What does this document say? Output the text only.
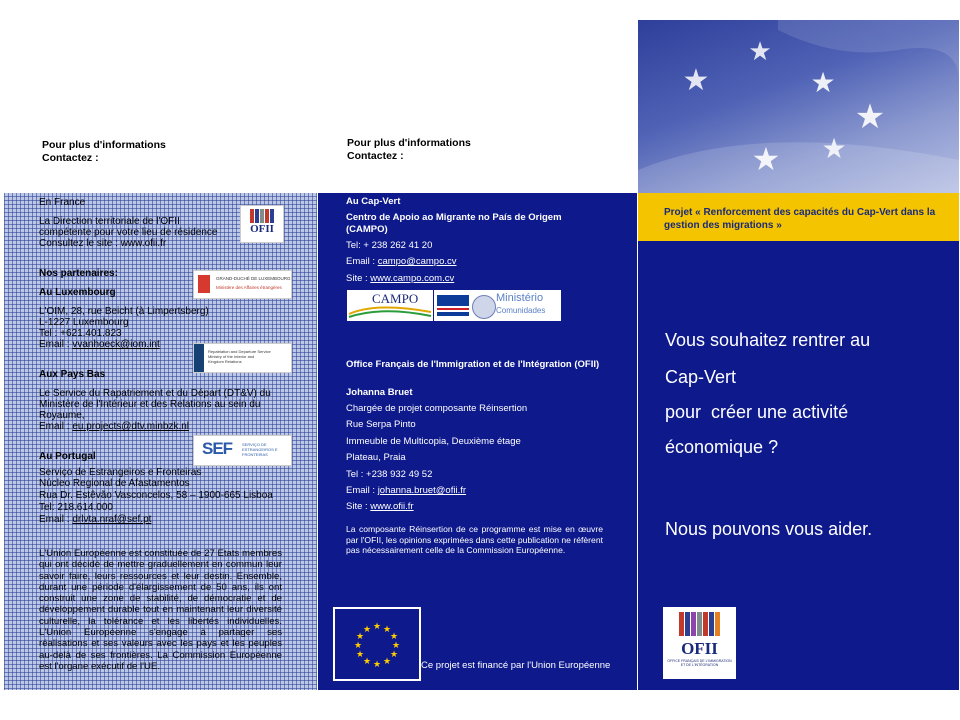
Pour plus d'informations
Contactez :
En France
La Direction territoriale de l'OFII
compétente pour votre lieu de résidence
Consultez le site : www.ofii.fr
OFII
Nos partenaires:
Au Luxembourg
L'OIM, 28, rue Beicht (à Limpertsberg)
L-1227 Luxembourg
Tel : +621.401.823
Email : vvanhoeck@iom.int
GRAND-DUCHÉ DE LUXEMBOURG
Ministère des Affaires étrangères
Repatriation and Departure Service
Ministry of the Interior and
Kingdom Relations
Aux Pays Bas
Le Service du Rapatriement et du Départ (DT&V) du
Ministère de l'Intérieur et des Relations au sein du
Royaume,
Email : eu.projects@dtv.minbzk.nl
SEF SERVIÇO DE ESTRANGEIROS E FRONTEIRAS
Au Portugal
Serviço de Estrangeiros e Fronteiras
Núcleo Regional de Afastamentos
Rua Dr. Estêvão Vasconcelos, 58 – 1900-665 Lisboa
Tel: 218.614.000
Email : drlvta.nraf@sef.pt
L'Union Européenne est constituée de 27 Etats membres qui ont décidé de mettre graduellement en commun leur savoir faire, leurs ressources et leur destin. Ensemble, durant une période d'élargissement de 50 ans, ils ont construit une zone de stabilité, de démocratie et de développement durable tout en maintenant leur diversité culturelle, la tolérance et les libertés individuelles. L'Union Européenne s'engage à partager ses réalisations et ses valeurs avec les pays et les peuples au-delà de ses frontières. La Commission Européenne est l'organe exécutif de l'UE.
Pour plus d'informations
Contactez :
Au Cap-Vert
Centro de Apoio ao Migrante no País de Origem (CAMPO)
Tel: + 238 262 41 20
Email : campo@campo.cv
Site : www.campo.com.cv
CAMPO	Ministério
Comunidades
Office Français de l'Immigration et de l'Intégration (OFII)
Johanna Bruet
Chargée de projet composante Réinsertion
Rue Serpa Pinto
Immeuble de Multicopia, Deuxième étage
Plateau, Praia
Tel : +238 932 49 52
Email : johanna.bruet@ofii.fr
Site : www.ofii.fr
La composante Réinsertion de ce programme est mise en œuvre par l'OFII, les opinions exprimées dans cette publication ne réfèrent pas nécessairement celle de la Commission Européenne.
★ ★
★
★
★
★
★
★
★
★
★
★
Ce projet est financé par l'Union Européenne
★
★	★
★
★ ★
Projet « Renforcement des capacités du Cap-Vert dans la gestion des migrations »
Vous souhaitez rentrer au
Cap-Vert
pour  créer une activité
économique ?
Nous pouvons vous aider.
OFII
OFFICE FRANÇAIS DE L'IMMIGRATION ET DE L'INTÉGRATION
